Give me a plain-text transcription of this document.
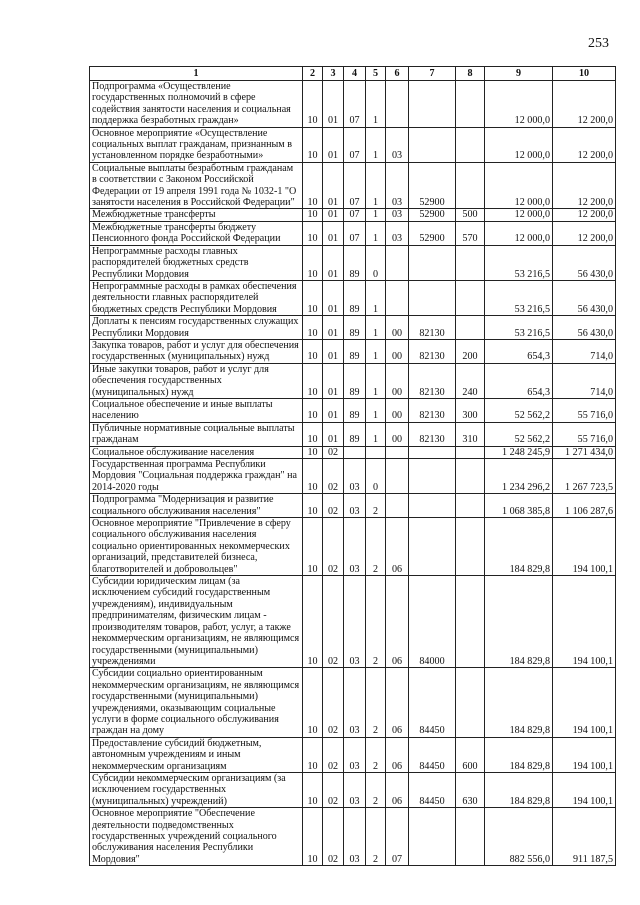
253
1	2	3	4	5	6	7	8	9	10
Подпрограмма «Осуществление государственных полномочий в сфере содействия занятости населения и социальная поддержка безработных граждан»	10	01	07	1				12 000,0	12 200,0
Основное мероприятие «Осуществление социальных выплат гражданам, признанным в установленном порядке безработными»	10	01	07	1	03			12 000,0	12 200,0
Социальные выплаты безработным гражданам в соответствии с Законом Российской Федерации от 19 апреля 1991 года № 1032-1 "О занятости населения в Российской Федерации"	10	01	07	1	03	52900		12 000,0	12 200,0
Межбюджетные трансферты	10	01	07	1	03	52900	500	12 000,0	12 200,0
Межбюджетные трансферты бюджету Пенсионного фонда Российской Федерации	10	01	07	1	03	52900	570	12 000,0	12 200,0
Непрограммные расходы главных распорядителей бюджетных средств Республики Мордовия	10	01	89	0				53 216,5	56 430,0
Непрограммные расходы в рамках обеспечения деятельности главных распорядителей бюджетных средств Республики Мордовия	10	01	89	1				53 216,5	56 430,0
Доплаты к пенсиям государственных служащих Республики Мордовия	10	01	89	1	00	82130		53 216,5	56 430,0
Закупка товаров, работ и услуг для обеспечения государственных (муниципальных) нужд	10	01	89	1	00	82130	200	654,3	714,0
Иные закупки товаров, работ и услуг для обеспечения государственных (муниципальных) нужд	10	01	89	1	00	82130	240	654,3	714,0
Социальное обеспечение и иные выплаты населению	10	01	89	1	00	82130	300	52 562,2	55 716,0
Публичные нормативные социальные выплаты гражданам	10	01	89	1	00	82130	310	52 562,2	55 716,0
Социальное обслуживание населения	10	02						1 248 245,9	1 271 434,0
Государственная программа Республики Мордовия "Социальная поддержка граждан" на 2014-2020 годы	10	02	03	0				1 234 296,2	1 267 723,5
Подпрограмма "Модернизация и развитие социального обслуживания населения"	10	02	03	2				1 068 385,8	1 106 287,6
Основное мероприятие "Привлечение в сферу социального обслуживания населения социально ориентированных некоммерческих организаций, представителей бизнеса, благотворителей и добровольцев"	10	02	03	2	06			184 829,8	194 100,1
Субсидии юридическим лицам (за исключением субсидий государственным учреждениям), индивидуальным предпринимателям, физическим лицам - производителям товаров, работ, услуг, а также некоммерческим организациям, не являющимся государственными (муниципальными) учреждениями	10	02	03	2	06	84000		184 829,8	194 100,1
Субсидии социально ориентированным некоммерческим организациям, не являющимся государственными (муниципальными) учреждениями, оказывающим социальные услуги в форме социального обслуживания граждан на дому	10	02	03	2	06	84450		184 829,8	194 100,1
Предоставление субсидий бюджетным, автономным учреждениям и иным некоммерческим организациям	10	02	03	2	06	84450	600	184 829,8	194 100,1
Субсидии некоммерческим организациям (за исключением государственных (муниципальных) учреждений)	10	02	03	2	06	84450	630	184 829,8	194 100,1
Основное мероприятие "Обеспечение деятельности подведомственных государственных учреждений социального обслуживания населения Республики Мордовия"	10	02	03	2	07			882 556,0	911 187,5
